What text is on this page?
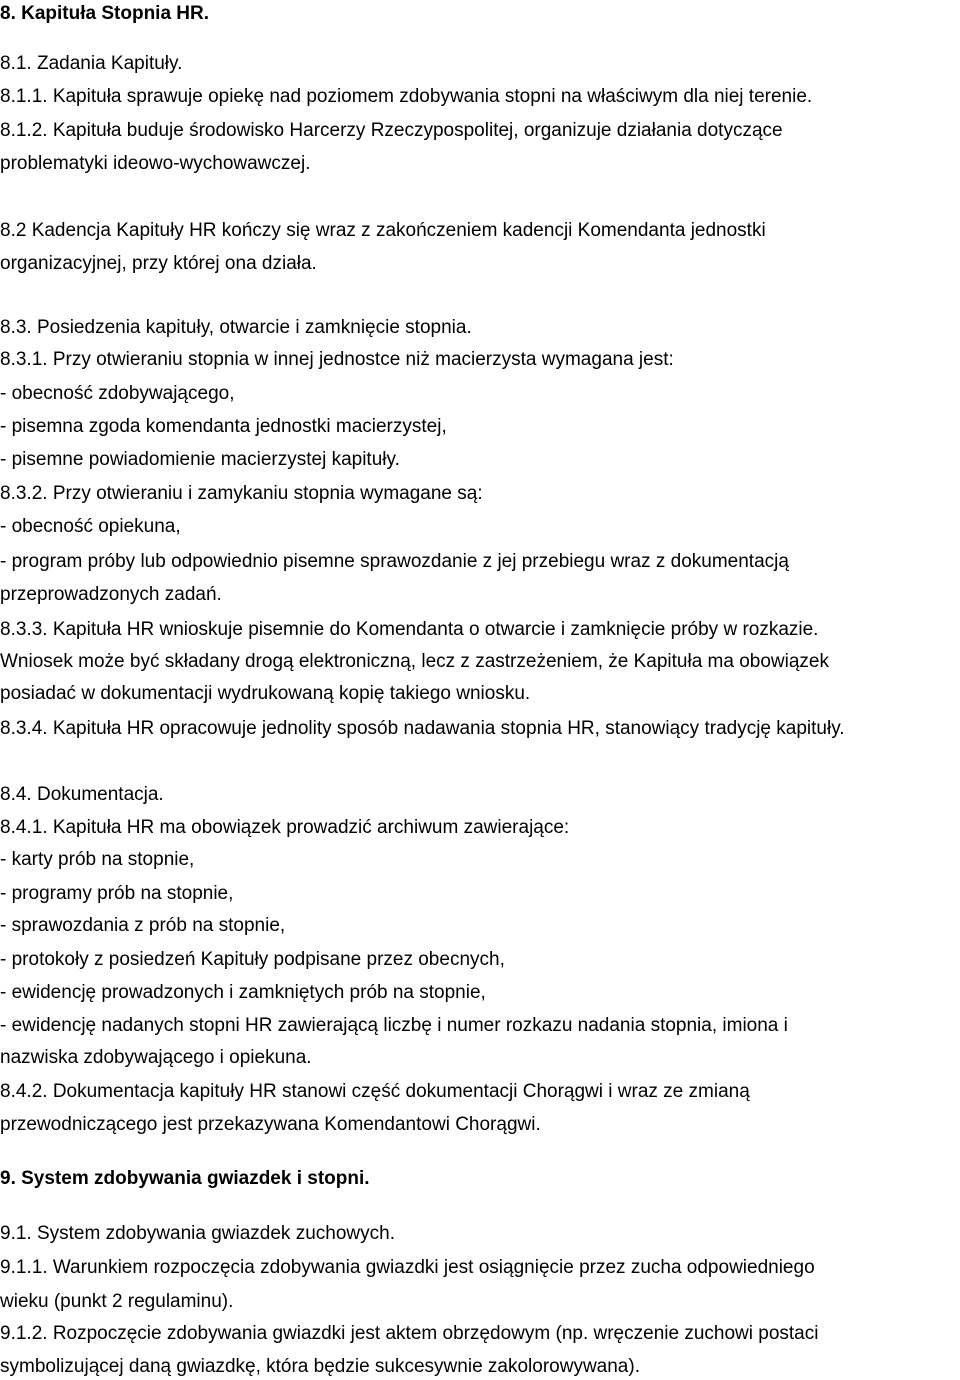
8. Kapituła Stopnia HR.
8.1. Zadania Kapituły.
8.1.1. Kapituła sprawuje opiekę nad poziomem zdobywania stopni na właściwym dla niej terenie.
8.1.2. Kapituła buduje środowisko Harcerzy Rzeczypospolitej, organizuje działania dotyczące
problematyki ideowo-wychowawczej.
8.2 Kadencja Kapituły HR kończy się wraz z zakończeniem kadencji Komendanta jednostki
organizacyjnej, przy której ona działa.
8.3. Posiedzenia kapituły, otwarcie i zamknięcie stopnia.
8.3.1. Przy otwieraniu stopnia w innej jednostce niż macierzysta wymagana jest:
- obecność zdobywającego,
- pisemna zgoda komendanta jednostki macierzystej,
- pisemne powiadomienie macierzystej kapituły.
8.3.2. Przy otwieraniu i zamykaniu stopnia wymagane są:
- obecność opiekuna,
- program próby lub odpowiednio pisemne sprawozdanie z jej przebiegu wraz z dokumentacją
przeprowadzonych zadań.
8.3.3. Kapituła HR wnioskuje pisemnie do Komendanta o otwarcie i zamknięcie próby w rozkazie.
Wniosek może być składany drogą elektroniczną, lecz z zastrzeżeniem, że Kapituła ma obowiązek
posiadać w dokumentacji wydrukowaną kopię takiego wniosku.
8.3.4. Kapituła HR opracowuje jednolity sposób nadawania stopnia HR, stanowiący tradycję kapituły.
8.4. Dokumentacja.
8.4.1. Kapituła HR ma obowiązek prowadzić archiwum zawierające:
- karty prób na stopnie,
- programy prób na stopnie,
- sprawozdania z prób na stopnie,
- protokoły z posiedzeń Kapituły podpisane przez obecnych,
- ewidencję prowadzonych i zamkniętych prób na stopnie,
- ewidencję nadanych stopni HR zawierającą liczbę i numer rozkazu nadania stopnia, imiona i
nazwiska zdobywającego i opiekuna.
8.4.2. Dokumentacja kapituły HR stanowi część dokumentacji Chorągwi i wraz ze zmianą
przewodniczącego jest przekazywana Komendantowi Chorągwi.
9. System zdobywania gwiazdek i stopni.
9.1. System zdobywania gwiazdek zuchowych.
9.1.1. Warunkiem rozpoczęcia zdobywania gwiazdki jest osiągnięcie przez zucha odpowiedniego
wieku (punkt 2 regulaminu).
9.1.2. Rozpoczęcie zdobywania gwiazdki jest aktem obrzędowym (np. wręczenie zuchowi postaci
symbolizującej daną gwiazdkę, która będzie sukcesywnie zakolorowywana).
